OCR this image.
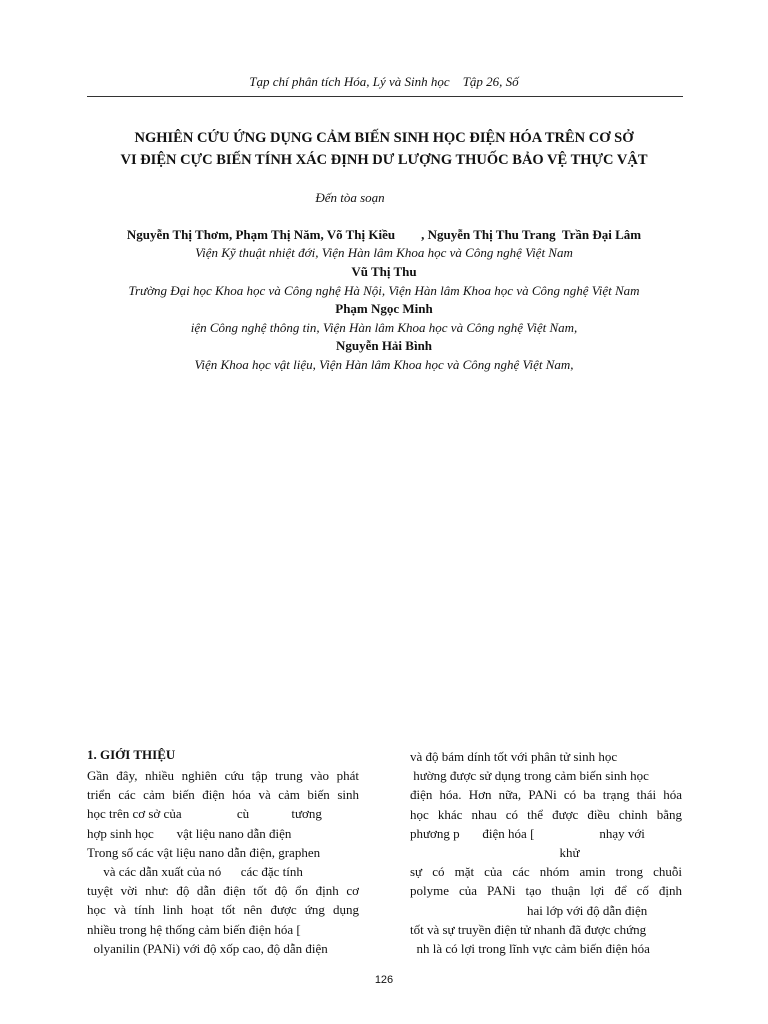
Tạp chí phân tích Hóa, Lý và Sinh học    Tập 26, Số
NGHIÊN CỨU ỨNG DỤNG CẢM BIẾN SINH HỌC ĐIỆN HÓA TRÊN CƠ SỞ
VI ĐIỆN CỰC BIẾN TÍNH XÁC ĐỊNH DƯ LƯỢNG THUỐC BẢO VỆ THỰC VẬT
Đến tòa soạn
Nguyễn Thị Thơm, Phạm Thị Năm, Võ Thị Kiều        , Nguyễn Thị Thu Trang  Trần Đại Lâm
Viện Kỹ thuật nhiệt đới, Viện Hàn lâm Khoa học và Công nghệ Việt Nam
Vũ Thị Thu
Trường Đại học Khoa học và Công nghệ Hà Nội, Viện Hàn lâm Khoa học và Công nghệ Việt Nam
Phạm Ngọc Minh
iện Công nghệ thông tin, Viện Hàn lâm Khoa học và Công nghệ Việt Nam,
Nguyễn Hải Bình
Viện Khoa học vật liệu, Viện Hàn lâm Khoa học và Công nghệ Việt Nam,
1. GIỚI THIỆU
Gần đây, nhiều nghiên cứu tập trung vào phát
triển các cảm biến điện hóa và cảm biến sinh
học trên cơ sở của                 cù             tương
hợp sinh học       vật liệu nano dẫn điện
Trong số các vật liệu nano dẫn điện, graphen
và các dẫn xuất của nó      các đặc tính
tuyệt vời như: độ dẫn điện tốt độ ổn định cơ
học và tính linh hoạt tốt nên được ứng dụng
nhiều trong hệ thống cảm biến điện hóa [
olyanilin (PANi) với độ xốp cao, độ dẫn điện
và độ bám dính tốt với phân tử sinh học
hường được sử dụng trong cảm biến sinh học
điện hóa. Hơn nữa, PANi có ba trạng thái hóa
học khác nhau có thể được điều chỉnh bằng
phương p       điện hóa [                    nhạy với
khử
sự có mặt của các nhóm amin trong chuỗi
polyme của PANi tạo thuận lợi để cố định
hai lớp với độ dẫn điện
tốt và sự truyền điện tử nhanh đã được chứng
nh là có lợi trong lĩnh vực cảm biến điện hóa
126
